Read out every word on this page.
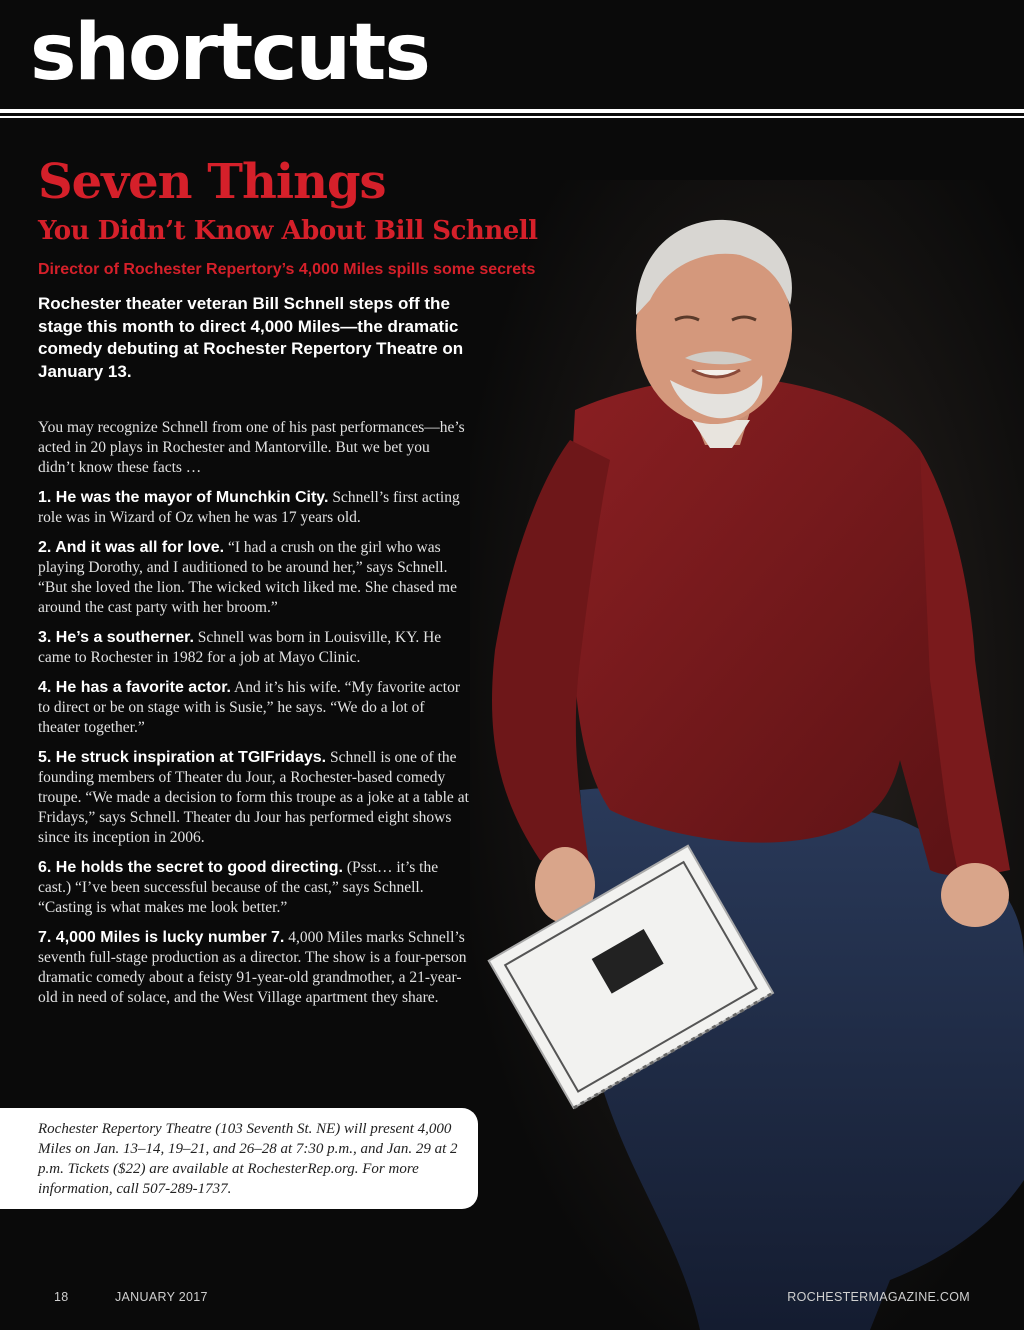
shortcuts
Seven Things
You Didn’t Know About Bill Schnell
Director of Rochester Repertory’s 4,000 Miles spills some secrets
Rochester theater veteran Bill Schnell steps off the stage this month to direct 4,000 Miles—the dramatic comedy debuting at Rochester Repertory Theatre on January 13.

You may recognize Schnell from one of his past performances—he’s acted in 20 plays in Rochester and Mantorville. But we bet you didn’t know these facts …

1. He was the mayor of Munchkin City. Schnell’s first acting role was in Wizard of Oz when he was 17 years old.

2. And it was all for love. “I had a crush on the girl who was playing Dorothy, and I auditioned to be around her,” says Schnell. “But she loved the lion. The wicked witch liked me. She chased me around the cast party with her broom.”

3. He’s a southerner. Schnell was born in Louisville, KY. He came to Rochester in 1982 for a job at Mayo Clinic.

4. He has a favorite actor. And it’s his wife. “My favorite actor to direct or be on stage with is Susie,” he says. “We do a lot of theater together.”

5. He struck inspiration at TGIFridays. Schnell is one of the founding members of Theater du Jour, a Rochester-based comedy troupe. “We made a decision to form this troupe as a joke at a table at Fridays,” says Schnell. Theater du Jour has performed eight shows since its inception in 2006.

6. He holds the secret to good directing. (Psst… it’s the cast.) “I’ve been successful because of the cast,” says Schnell. “Casting is what makes me look better.”

7. 4,000 Miles is lucky number 7. 4,000 Miles marks Schnell’s seventh full-stage production as a director. The show is a four-person dramatic comedy about a feisty 91-year-old grandmother, a 21-year-old in need of solace, and the West Village apartment they share.

Rochester Repertory Theatre (103 Seventh St. NE) will present 4,000 Miles on Jan. 13–14, 19–21, and 26–28 at 7:30 p.m., and Jan. 29 at 2 p.m. Tickets ($22) are available at RochesterRep.org. For more information, call 507-289-1737.
18	JANUARY 2017	ROCHESTERMAGAZINE.COM
